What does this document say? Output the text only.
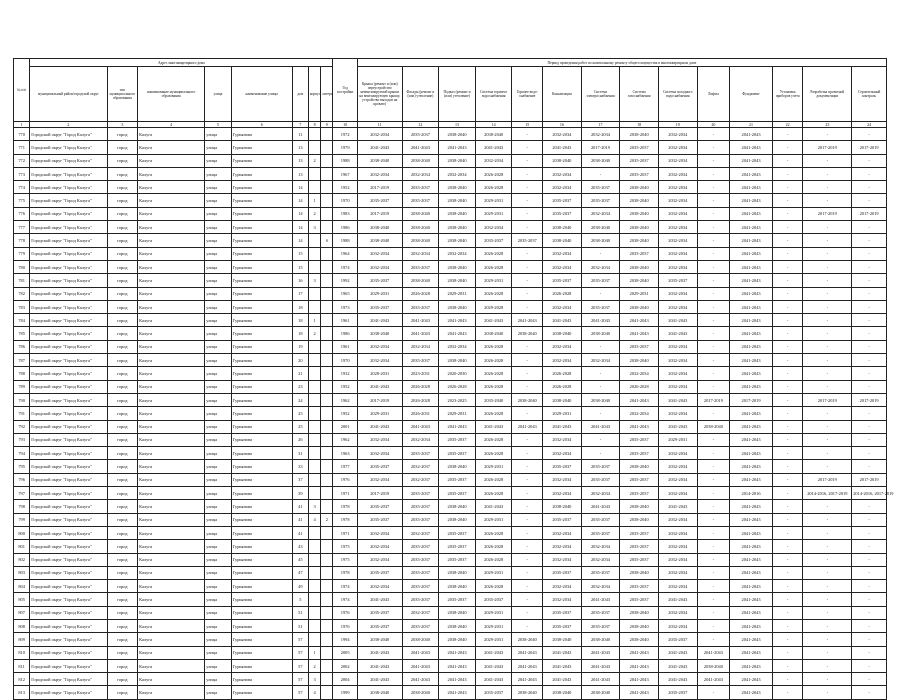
№ п/п	Адрес многоквартирного дома								Год постройки	Период проведения работ по капитальному ремонту общего имущества в многоквартирном доме													
	муниципальный район/городской округ	тип муниципального образования	наименование муниципального образования	улица	наименование улицы	дом	корпус	литера		Крыша (ремонт и (или) переустройство невентилируемой крыши на вентилируемую крышу, устройство выходов на кровлю)	Фасады (ремонт и (или) утепление)	Подвал (ремонт и (или) утепление)	Система горячего водоснабжения	Горячее водо-снабжение	Канализация	Система электроснабжения	Система газоснабжения	Система холодного водоснабжения	Лифты	Фундамент	Установка приборов учета	Разработка проектной документации	Строительный контроль
1	2	3	4	5	6	7	8	9	10	11	12	13	14	15	16	17	18	19	20	21	22	23	24
770	Городской округ "Город Калуга"	город	Калуга	улица	Гурьянова	11			1972	2032-2034	2035-2037	2038-2040	2038-2040	-	2032-2034	2032-2034	2038-2040	2032-2034	-	2041-2043	-	-	-
771	Городской округ "Город Калуга"	город	Калуга	улица	Гурьянова	13			1979	2041-2043	2041-2043	2041-2043	2041-2043	-	2041-2043	2017-2019	2035-2037	2032-2034	-	2041-2043	-	2017-2019	2017-2019
772	Городской округ "Город Калуга"	город	Калуга	улица	Гурьянова	13	2		1988	2038-2040	2038-2040	2038-2040	2032-2034	-	2038-2040	2038-2040	2035-2037	2032-2034	-	2041-2043	-	-	-
773	Городской округ "Город Калуга"	город	Калуга	улица	Гурьянова	13			1967	2032-2034	2032-2034	2032-2034	2026-2028	-	2032-2034	-	2035-2037	2032-2034	-	2041-2043	-	-	-
774	Городской округ "Город Калуга"	город	Калуга	улица	Гурьянова	14			1952	2017-2019	2035-2037	2038-2040	2026-2028	-	2032-2034	2035-2037	2038-2040	2032-2034	-	2041-2043	-	-	-
775	Городской округ "Город Калуга"	город	Калуга	улица	Гурьянова	14	1		1970	2035-2037	2035-2037	2038-2040	2029-2031	-	2035-2037	2035-2037	2038-2040	2032-2034	-	2041-2043	-	-	-
776	Городской округ "Город Калуга"	город	Калуга	улица	Гурьянова	14	2		1983	2017-2019	2038-2040	2038-2040	2029-2031	-	2035-2037	2032-2034	2038-2040	2032-2034	-	2041-2043	-	2017-2019	2017-2019
777	Городской округ "Город Калуга"	город	Калуга	улица	Гурьянова	14	3		1986	2038-2040	2038-2040	2038-2040	2032-2034	-	2038-2040	2038-2040	2038-2040	2032-2034	-	2041-2043	-	-	-
778	Городской округ "Город Калуга"	город	Калуга	улица	Гурьянова	14		б	1988	2038-2040	2038-2040	2038-2040	2035-2037	2035-2037	2038-2040	2038-2040	2038-2040	2032-2034	-	2041-2043	-	-	-
779	Городской округ "Город Калуга"	город	Калуга	улица	Гурьянова	15			1964	2032-2034	2032-2034	2032-2034	2026-2028	-	2032-2034	-	2035-2037	2032-2034	-	2041-2043	-	-	-
780	Городской округ "Город Калуга"	город	Калуга	улица	Гурьянова	15			1974	2032-2034	2035-2037	2038-2040	2026-2028	-	2032-2034	2032-2034	2038-2040	2032-2034	-	2041-2043	-	-	-
781	Городской округ "Город Калуга"	город	Калуга	улица	Гурьянова	16	3		1992	2035-2037	2038-2040	2038-2040	2029-2031	-	2035-2037	2035-2037	2038-2040	2035-2037	-	2041-2043	-	-	-
782	Городской округ "Город Калуга"	город	Калуга	улица	Гурьянова	17			1965	2029-2031	2026-2028	2029-2031	2026-2028	-	2026-2028	-	2029-2031	2032-2034	-	2041-2043	-	-	-
783	Городской округ "Город Калуга"	город	Калуга	улица	Гурьянова	18			1973	2035-2037	2035-2037	2038-2040	2029-2028	-	2032-2034	2035-2037	2038-2040	2032-2034	-	2041-2043	-	-	-
784	Городской округ "Город Калуга"	город	Калуга	улица	Гурьянова	18	1		1961	2041-2043	2041-2043	2041-2043	2041-2043	2041-2043	2041-2043	2041-2043	2041-2043	2041-2043	-	2041-2043	-	-	-
785	Городской округ "Город Калуга"	город	Калуга	улица	Гурьянова	18	2		1986	2038-2040	2041-2043	2041-2043	2038-2040	2038-2040	2038-2040	2038-2040	2041-2043	2041-2043	-	2041-2043	-	-	-
786	Городской округ "Город Калуга"	город	Калуга	улица	Гурьянова	19			1961	2032-2034	2032-2034	2032-2034	2026-2028	-	2032-2034	-	2035-2037	2032-2034	-	2041-2043	-	-	-
787	Городской округ "Город Калуга"	город	Калуга	улица	Гурьянова	20			1970	2032-2034	2035-2037	2038-2040	2026-2028	-	2032-2034	2032-2034	2038-2040	2032-2034	-	2041-2043	-	-	-
788	Городской округ "Город Калуга"	город	Калуга	улица	Гурьянова	21			1932	2028-2031	2023-2031	2020-2030	2026-2028	-	2026-2028	-	2032-2034	2032-2034	-	2041-2043	-	-	-
789	Городской округ "Город Калуга"	город	Калуга	улица	Гурьянова	23			1952	2041-2043	2026-2028	2026-2028	2026-2028	-	2026-2028	-	2026-2028	2032-2034	-	2041-2043	-	-	-
790	Городской округ "Город Калуга"	город	Калуга	улица	Гурьянова	24			1962	2017-2019	2026-2028	2023-2025	2035-2040	2038-2040	2038-2040	2038-2040	2041-2043	2041-2043	2017-2019	2017-2019	-	2017-2019	2017-2019
791	Городской округ "Город Калуга"	город	Калуга	улица	Гурьянова	25			1952	2029-2031	2026-2031	2029-2031	2026-2028	-	2029-2031	-	2032-2034	2032-2034	-	2041-2043	-	-	-
792	Городской округ "Город Калуга"	город	Калуга	улица	Гурьянова	25			2001	2041-2043	2041-2043	2041-2043	2041-2043	2041-2043	2041-2043	2041-2043	2041-2043	2041-2043	2038-2040	2041-2043	-	-	-
793	Городской округ "Город Калуга"	город	Калуга	улица	Гурьянова	26			1962	2032-2034	2032-2034	2035-2037	2026-2028	-	2032-2034	-	2035-2037	2029-2031	-	2041-2043	-	-	-
794	Городской округ "Город Калуга"	город	Калуга	улица	Гурьянова	31			1963	2032-2034	2035-2037	2035-2037	2026-2028	-	2032-2034	-	2035-2037	2032-2034	-	2041-2043	-	-	-
795	Городской округ "Город Калуга"	город	Калуга	улица	Гурьянова	33			1977	2035-2037	2032-2037	2038-2040	2029-2031	-	2035-2037	2035-2037	2038-2040	2032-2034	-	2041-2043	-	-	-
796	Городской округ "Город Калуга"	город	Калуга	улица	Гурьянова	37			1976	2032-2034	2032-2037	2035-2037	2026-2028	-	2032-2034	2035-2037	2035-2037	2032-2034	-	2041-2043	-	2017-2019	2017-2019
797	Городской округ "Город Калуга"	город	Калуга	улица	Гурьянова	39			1971	2017-2019	2035-2037	2035-2037	2026-2028	-	2032-2034	2032-2034	2035-2037	2032-2034	-	2014-2016	-	2014-2016, 2017-2019	2014-2016, 2017-2019
798	Городской округ "Город Калуга"	город	Калуга	улица	Гурьянова	41	3		1978	2035-2037	2035-2037	2038-2040	2041-2043	-	2038-2040	2041-2043	2038-2040	2041-2043	-	2041-2043	-	-	-
799	Городской округ "Город Калуга"	город	Калуга	улица	Гурьянова	41	4	2	1978	2035-2037	2035-2037	2038-2040	2029-2031	-	2035-2037	2035-2037	2038-2040	2032-2034	-	2041-2043	-	-	-
800	Городской округ "Город Калуга"	город	Калуга	улица	Гурьянова	41			1971	2032-2034	2032-2037	2035-2037	2026-2028	-	2032-2034	2035-2037	2035-2037	2032-2034	-	2041-2043	-	-	-
801	Городской округ "Город Калуга"	город	Калуга	улица	Гурьянова	43			1975	2032-2034	2035-2037	2035-2037	2026-2028	-	2032-2034	2032-2034	2035-2037	2032-2034	-	2041-2043	-	-	-
802	Городской округ "Город Калуга"	город	Калуга	улица	Гурьянова	45			1975	2032-2034	2035-2037	2035-2037	2026-2028	-	2032-2034	2032-2034	2035-2037	2032-2034	-	2041-2043	-	-	-
803	Городской округ "Город Калуга"	город	Калуга	улица	Гурьянова	47			1978	2035-2037	2035-2037	2038-2040	2029-2031	-	2035-2037	2035-2037	2038-2040	2032-2034	-	2041-2043	-	-	-
804	Городской округ "Город Калуга"	город	Калуга	улица	Гурьянова	49			1974	2032-2034	2035-2037	2038-2040	2026-2028	-	2032-2034	2032-2034	2035-2037	2032-2034	-	2041-2043	-	-	-
805	Городской округ "Город Калуга"	город	Калуга	улица	Гурьянова	5			1974	2041-2043	2035-2037	2035-2037	2035-2037	-	2032-2034	2041-2043	2035-2037	2041-2043	-	2041-2043	-	-	-
807	Городской округ "Город Калуга"	город	Калуга	улица	Гурьянова	51			1976	2035-2037	2032-2037	2038-2040	2029-2031	-	2035-2037	2035-2037	2038-2040	2032-2034	-	2041-2043	-	-	-
808	Городской округ "Город Калуга"	город	Калуга	улица	Гурьянова	51			1976	2035-2037	2035-2037	2038-2040	2029-2031	-	2035-2037	2035-2037	2038-2040	2032-2034	-	2041-2043	-	-	-
809	Городской округ "Город Калуга"	город	Калуга	улица	Гурьянова	57			1994	2038-2040	2038-2040	2038-2040	2029-2031	2038-2040	2038-2040	2038-2040	2038-2040	2035-2037	-	2041-2043	-	-	-
810	Городской округ "Город Калуга"	город	Калуга	улица	Гурьянова	57	1		2005	2041-2043	2041-2043	2041-2043	2041-2043	2041-2043	2041-2043	2041-2043	2041-2043	2041-2043	2041-2043	2041-2043	-	-	-
811	Городской округ "Город Калуга"	город	Калуга	улица	Гурьянова	57	2		2002	2041-2043	2041-2043	2041-2043	2041-2043	2041-2043	2041-2043	2041-2043	2041-2043	2041-2043	2038-2040	2041-2043	-	-	-
812	Городской округ "Город Калуга"	город	Калуга	улица	Гурьянова	57	3		2004	2041-2043	2041-2043	2041-2043	2041-2043	2041-2043	2041-2043	2041-2043	2041-2043	2041-2043	2041-2043	2041-2043	-	-	-
813	Городской округ "Город Калуга"	город	Калуга	улица	Гурьянова	57	4		1999	2038-2040	2038-2040	2041-2043	2035-2037	2038-2040	2038-2040	2038-2040	2041-2043	2035-2037	-	2041-2043	-	-	-
